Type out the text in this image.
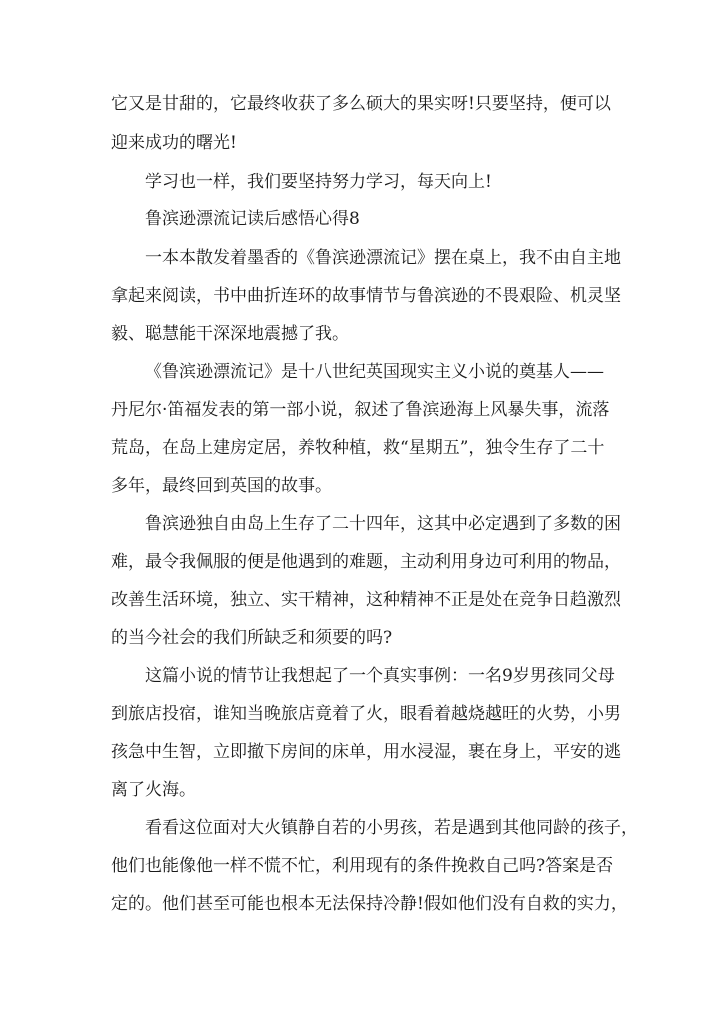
它又是甘甜的，它最终收获了多么硕大的果实呀!只要坚持，便可以
迎来成功的曙光!
学习也一样，我们要坚持努力学习，每天向上!
鲁滨逊漂流记读后感悟心得8
一本本散发着墨香的《鲁滨逊漂流记》摆在桌上，我不由自主地
拿起来阅读，书中曲折连环的故事情节与鲁滨逊的不畏艰险、机灵坚
毅、聪慧能干深深地震撼了我。
《鲁滨逊漂流记》是十八世纪英国现实主义小说的奠基人——
丹尼尔·笛福发表的第一部小说，叙述了鲁滨逊海上风暴失事，流落
荒岛，在岛上建房定居，养牧种植，救“星期五”，独令生存了二十
多年，最终回到英国的故事。
鲁滨逊独自由岛上生存了二十四年，这其中必定遇到了多数的困
难，最令我佩服的便是他遇到的难题，主动利用身边可利用的物品，
改善生活环境，独立、实干精神，这种精神不正是处在竞争日趋激烈
的当今社会的我们所缺乏和须要的吗?
这篇小说的情节让我想起了一个真实事例：一名9岁男孩同父母
到旅店投宿，谁知当晚旅店竟着了火，眼看着越烧越旺的火势，小男
孩急中生智，立即撤下房间的床单，用水浸湿，裹在身上，平安的逃
离了火海。
看看这位面对大火镇静自若的小男孩，若是遇到其他同龄的孩子，
他们也能像他一样不慌不忙，利用现有的条件挽救自己吗?答案是否
定的。他们甚至可能也根本无法保持冷静!假如他们没有自救的实力，
